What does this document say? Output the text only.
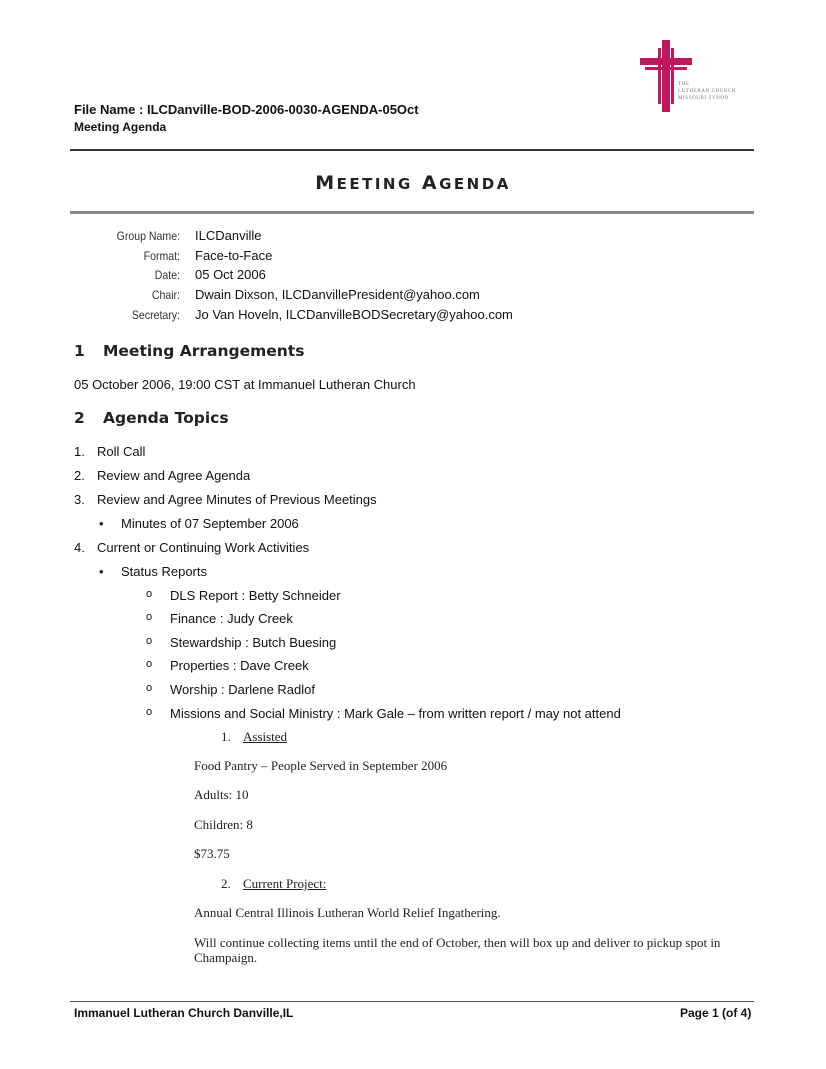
THE
LUTHERAN CHURCH
MISSOURI SYNOD
File Name : ILCDanville-BOD-2006-0030-AGENDA-05Oct
Meeting Agenda
MEETING AGENDA
Group Name: ILCDanville
Format: Face-to-Face
Date: 05 Oct 2006
Chair: Dwain Dixson, ILCDanvillePresident@yahoo.com
Secretary: Jo Van Hoveln, ILCDanvilleBODSecretary@yahoo.com
1 Meeting Arrangements
05 October 2006, 19:00 CST at Immanuel Lutheran Church
2 Agenda Topics
1. Roll Call
2. Review and Agree Agenda
3. Review and Agree Minutes of Previous Meetings
• Minutes of 07 September 2006
4. Current or Continuing Work Activities
• Status Reports
o DLS Report : Betty Schneider
o Finance : Judy Creek
o Stewardship : Butch Buesing
o Properties : Dave Creek
o Worship : Darlene Radlof
o Missions and Social Ministry : Mark Gale – from written report / may not attend
1. Assisted
Food Pantry – People Served in September 2006
Adults: 10
Children: 8
$73.75
2. Current Project:
Annual Central Illinois Lutheran World Relief Ingathering.
Will continue collecting items until the end of October, then will box up and deliver to pickup spot in
Champaign.
Immanuel Lutheran Church Danville,IL	Page 1 (of 4)
